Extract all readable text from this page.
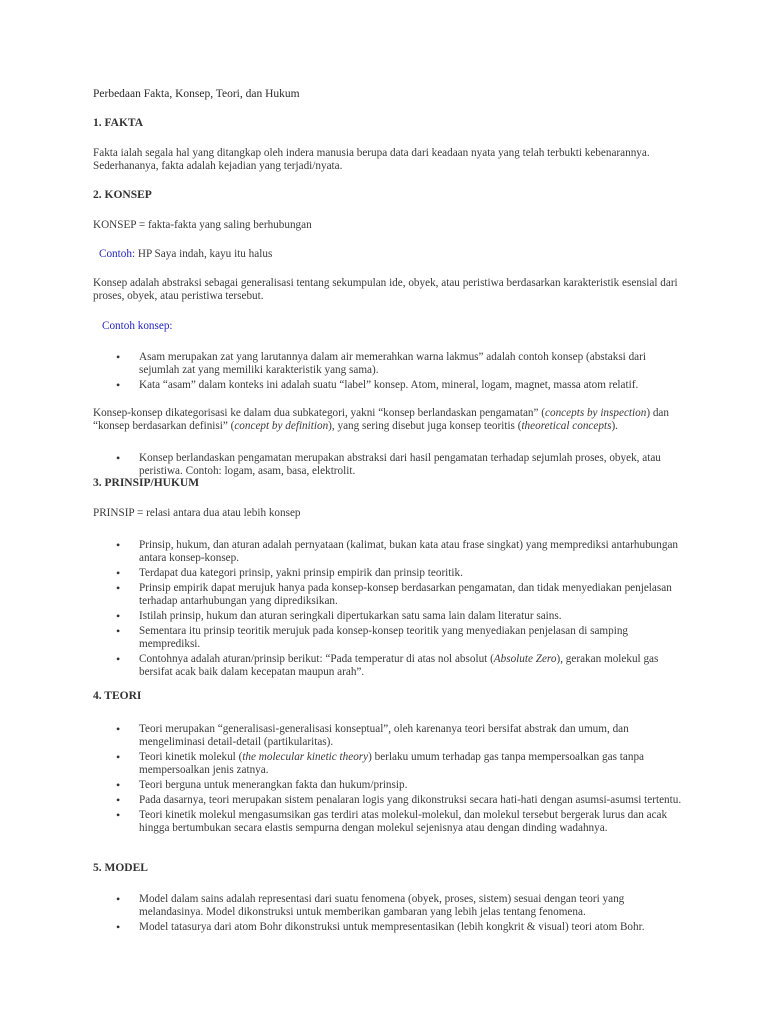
Perbedaan Fakta, Konsep, Teori, dan Hukum
1. FAKTA
Fakta ialah segala hal yang ditangkap oleh indera manusia berupa data dari keadaan nyata yang telah terbukti kebenarannya. Sederhananya, fakta adalah kejadian yang terjadi/nyata.
2. KONSEP
KONSEP = fakta-fakta yang saling berhubungan
Contoh: HP Saya indah, kayu itu halus
Konsep adalah abstraksi sebagai generalisasi tentang sekumpulan ide, obyek, atau peristiwa berdasarkan karakteristik esensial dari proses, obyek, atau peristiwa tersebut.
Contoh konsep:
• Asam merupakan zat yang larutannya dalam air memerahkan warna lakmus” adalah contoh konsep (abstaksi dari sejumlah zat yang memiliki karakteristik yang sama).
• Kata “asam” dalam konteks ini adalah suatu “label” konsep. Atom, mineral, logam, magnet, massa atom relatif.
Konsep-konsep dikategorisasi ke dalam dua subkategori, yakni “konsep berlandaskan pengamatan” (concepts by inspection) dan “konsep berdasarkan definisi” (concept by definition), yang sering disebut juga konsep teoritis (theoretical concepts).
• Konsep berlandaskan pengamatan merupakan abstraksi dari hasil pengamatan terhadap sejumlah proses, obyek, atau peristiwa. Contoh: logam, asam, basa, elektrolit.
3. PRINSIP/HUKUM
PRINSIP = relasi antara dua atau lebih konsep
• Prinsip, hukum, dan aturan adalah pernyataan (kalimat, bukan kata atau frase singkat) yang memprediksi antarhubungan antara konsep-konsep.
• Terdapat dua kategori prinsip, yakni prinsip empirik dan prinsip teoritik.
• Prinsip empirik dapat merujuk hanya pada konsep-konsep berdasarkan pengamatan, dan tidak menyediakan penjelasan terhadap antarhubungan yang diprediksikan.
• Istilah prinsip, hukum dan aturan seringkali dipertukarkan satu sama lain dalam literatur sains.
• Sementara itu prinsip teoritik merujuk pada konsep-konsep teoritik yang menyediakan penjelasan di samping memprediksi.
• Contohnya adalah aturan/prinsip berikut: “Pada temperatur di atas nol absolut (Absolute Zero), gerakan molekul gas bersifat acak baik dalam kecepatan maupun arah”.
4. TEORI
• Teori merupakan “generalisasi-generalisasi konseptual”, oleh karenanya teori bersifat abstrak dan umum, dan mengeliminasi detail-detail (partikularitas).
• Teori kinetik molekul (the molecular kinetic theory) berlaku umum terhadap gas tanpa mempersoalkan gas tanpa mempersoalkan jenis zatnya.
• Teori berguna untuk menerangkan fakta dan hukum/prinsip.
• Pada dasarnya, teori merupakan sistem penalaran logis yang dikonstruksi secara hati-hati dengan asumsi-asumsi tertentu.
• Teori kinetik molekul mengasumsikan gas terdiri atas molekul-molekul, dan molekul tersebut bergerak lurus dan acak hingga bertumbukan secara elastis sempurna dengan molekul sejenisnya atau dengan dinding wadahnya.
5. MODEL
• Model dalam sains adalah representasi dari suatu fenomena (obyek, proses, sistem) sesuai dengan teori yang melandasinya. Model dikonstruksi untuk memberikan gambaran yang lebih jelas tentang fenomena.
• Model tatasurya dari atom Bohr dikonstruksi untuk mempresentasikan (lebih kongkrit & visual) teori atom Bohr.
